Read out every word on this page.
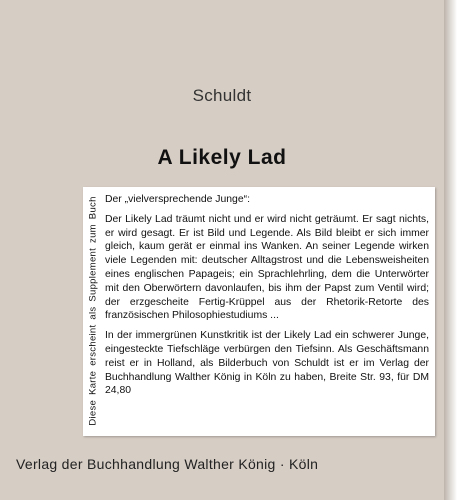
Schuldt
A Likely Lad
Diese Karte erscheint als Supplement zum Buch Der „vielversprechende Junge“:

Der Likely Lad träumt nicht und er wird nicht geträumt. Er sagt nichts, er wird gesagt. Er ist Bild und Legende. Als Bild bleibt er sich immer gleich, kaum gerät er einmal ins Wanken. An seiner Legende wirken viele Legenden mit: deutscher Alltagstrost und die Lebensweisheiten eines englischen Papageis; ein Sprachlehrling, dem die Unterwörter mit den Oberwörtern davonlaufen, bis ihm der Papst zum Ventil wird; der erzgescheite Fertig-Krüppel aus der Rhetorik-Retorte des französischen Philosophiestudiums ...

In der immergrünen Kunstkritik ist der Likely Lad ein schwerer Junge, eingesteckte Tiefschläge verbürgen den Tiefsinn. Als Geschäftsmann reist er in Holland, als Bilderbuch von Schuldt ist er im Verlag der Buchhandlung Walther König in Köln zu haben, Breite Str. 93, für DM 24,80

Verlag der Buchhandlung Walther König · Köln
